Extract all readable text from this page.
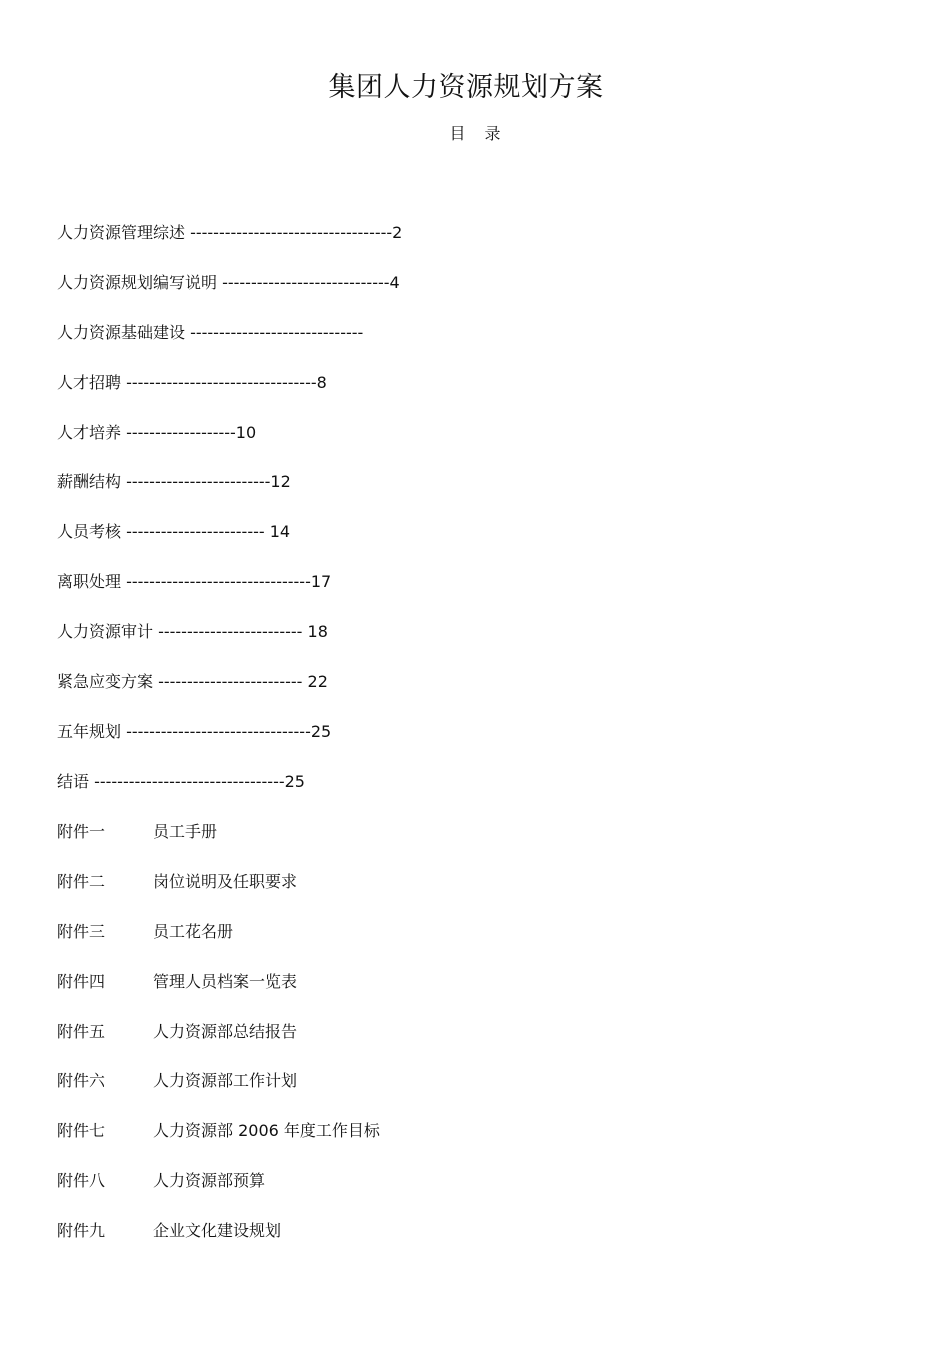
集团人力资源规划方案
目 录
人力资源管理综述 -----------------------------------2
人力资源规划编写说明 -----------------------------4
人力资源基础建设 ------------------------------
人才招聘 ---------------------------------8
人才培养 -------------------10
薪酬结构 -------------------------12
人员考核 ------------------------ 14
离职处理 --------------------------------17
人力资源审计 ------------------------- 18
紧急应变方案 ------------------------- 22
五年规划 --------------------------------25
结语 ---------------------------------25
附件一	员工手册
附件二	岗位说明及任职要求
附件三	员工花名册
附件四	管理人员档案一览表
附件五	人力资源部总结报告
附件六	人力资源部工作计划
附件七	人力资源部 2006 年度工作目标
附件八	人力资源部预算
附件九	企业文化建设规划
